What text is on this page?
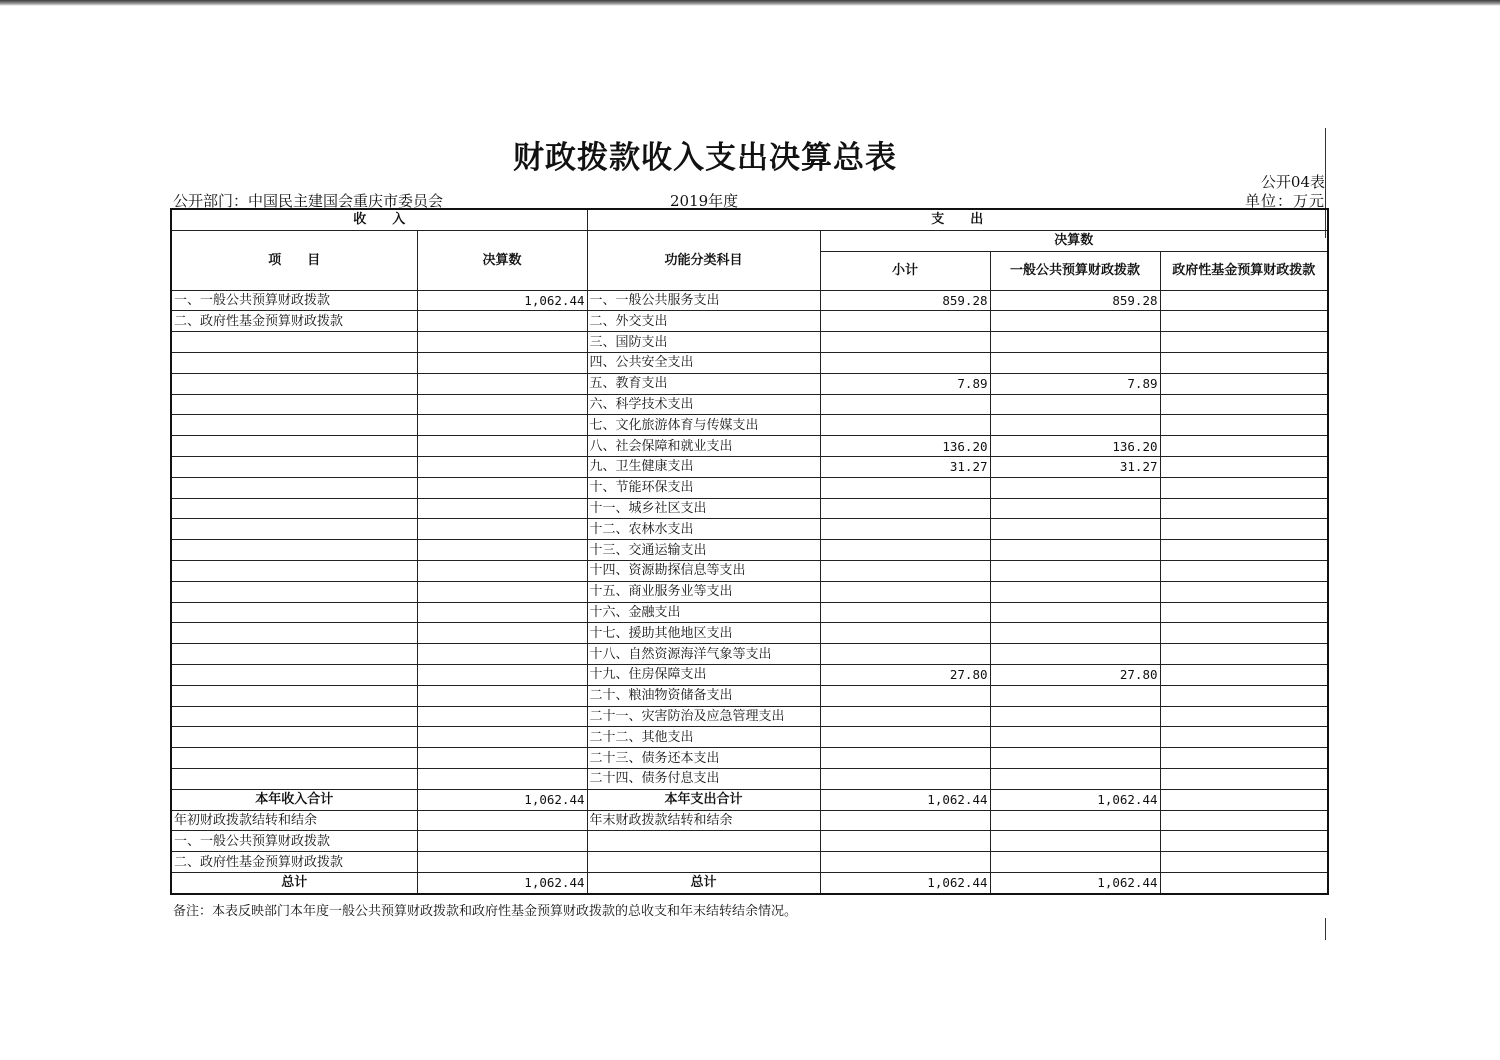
财政拨款收入支出决算总表
公开04表
公开部门：中国民主建国会重庆市委员会	2019年度	单位：万元
收　　入		支　　出			
项　　目	决算数	功能分类科目	决算数		
			小计	一般公共预算财政拨款	政府性基金预算财政拨款
一、一般公共预算财政拨款	1,062.44	一、一般公共服务支出	859.28	859.28	
二、政府性基金预算财政拨款		二、外交支出			
		三、国防支出			
		四、公共安全支出			
		五、教育支出	7.89	7.89	
		六、科学技术支出			
		七、文化旅游体育与传媒支出			
		八、社会保障和就业支出	136.20	136.20	
		九、卫生健康支出	31.27	31.27	
		十、节能环保支出			
		十一、城乡社区支出			
		十二、农林水支出			
		十三、交通运输支出			
		十四、资源勘探信息等支出			
		十五、商业服务业等支出			
		十六、金融支出			
		十七、援助其他地区支出			
		十八、自然资源海洋气象等支出			
		十九、住房保障支出	27.80	27.80	
		二十、粮油物资储备支出			
		二十一、灾害防治及应急管理支出			
		二十二、其他支出			
		二十三、债务还本支出			
		二十四、债务付息支出			
本年收入合计	1,062.44	本年支出合计	1,062.44	1,062.44	
年初财政拨款结转和结余		年末财政拨款结转和结余			
一、一般公共预算财政拨款					
二、政府性基金预算财政拨款					
总计	1,062.44	总计	1,062.44	1,062.44	
备注：本表反映部门本年度一般公共预算财政拨款和政府性基金预算财政拨款的总收支和年末结转结余情况。
